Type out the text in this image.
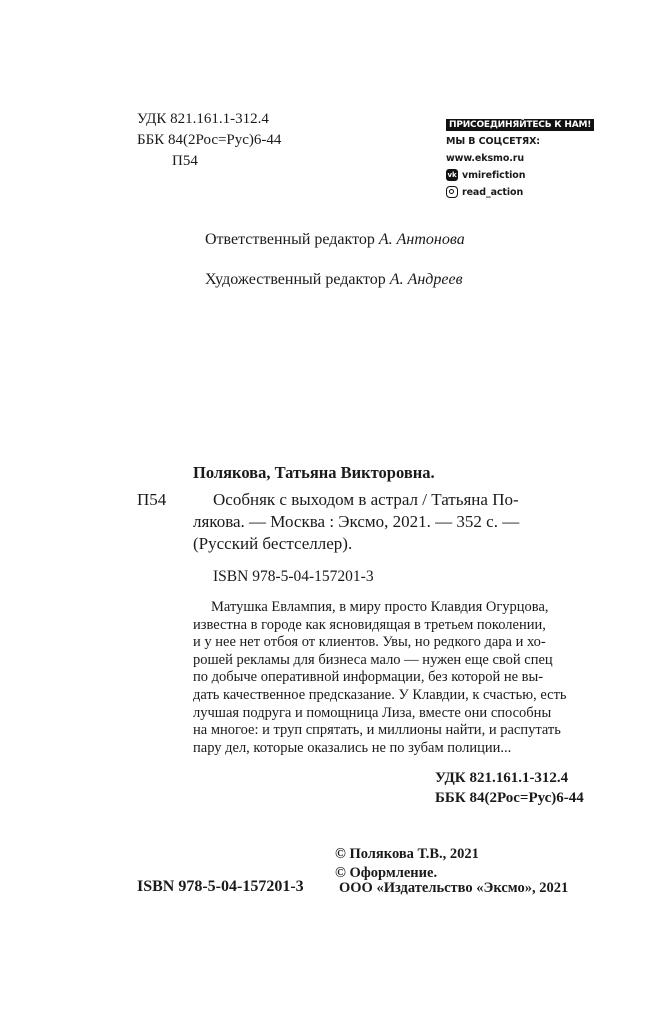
УДК 821.161.1-312.4
ББК 84(2Рос=Рус)6-44
П54
ПРИСОЕДИНЯЙТЕСЬ К НАМ!
МЫ В СОЦСЕТЯХ:
www.eksmo.ru
vk vmirefiction
read_action
Ответственный редактор А. Антонова
Художественный редактор А. Андреев
Полякова, Татьяна Викторовна.
П54	Особняк с выходом в астрал / Татьяна По-
лякова. — Москва : Эксмо, 2021. — 352 с. —
(Русский бестселлер).
ISBN 978-5-04-157201-3
Матушка Евлампия, в миру просто Клавдия Огурцова,
известна в городе как ясновидящая в третьем поколении,
и у нее нет отбоя от клиентов. Увы, но редкого дара и хо-
рошей рекламы для бизнеса мало — нужен еще свой спец
по добыче оперативной информации, без которой не вы-
дать качественное предсказание. У Клавдии, к счастью, есть
лучшая подруга и помощница Лиза, вместе они способны
на многое: и труп спрятать, и миллионы найти, и распутать
пару дел, которые оказались не по зубам полиции...
УДК 821.161.1-312.4
ББК 84(2Рос=Рус)6-44
© Полякова Т.В., 2021
© Оформление.
ООО «Издательство «Эксмо», 2021
ISBN 978-5-04-157201-3
